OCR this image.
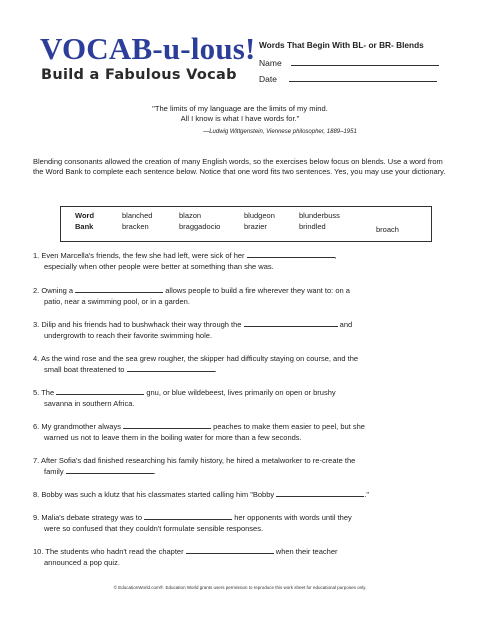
VOCAB-u-lous!
Build a Fabulous Vocab
Words That Begin With BL- or BR- Blends
Name
Date
"The limits of my language are the limits of my mind.
All I know is what I have words for."
—Ludwig Wittgenstein, Viennese philosopher, 1889–1951
Blending consonants allowed the creation of many English words, so the exercises below focus on blends. Use a word from the Word Bank to complete each sentence below. Notice that one word fits two sentences. Yes, you may use your dictionary.
Word
Bank
blanched	blazon	bludgeon	blunderbuss
bracken	braggadocio	brazier	brindled	broach
1. Even Marcella's friends, the few she had left, were sick of her	,
especially when other people were better at something than she was.
2. Owning a	allows people to build a fire wherever they want to: on a
patio, near a swimming pool, or in a garden.
3. Dilip and his friends had to bushwhack their way through the	and
undergrowth to reach their favorite swimming hole.
4. As the wind rose and the sea grew rougher, the skipper had difficulty staying on course, and the
small boat threatened to	.
5. The	gnu, or blue wildebeest, lives primarily on open or brushy
savanna in southern Africa.
6. My grandmother always	peaches to make them easier to peel, but she
warned us not to leave them in the boiling water for more than a few seconds.
7. After Sofia's dad finished researching his family history, he hired a metalworker to re-create the
family	.
8. Bobby was such a klutz that his classmates started calling him "Bobby	."
9. Malia's debate strategy was to	her opponents with words until they
were so confused that they couldn't formulate sensible responses.
10. The students who hadn't read the chapter	when their teacher
announced a pop quiz.
© EducationWorld.com®. Education World grants users permission to reproduce this work sheet for educational purposes only.
